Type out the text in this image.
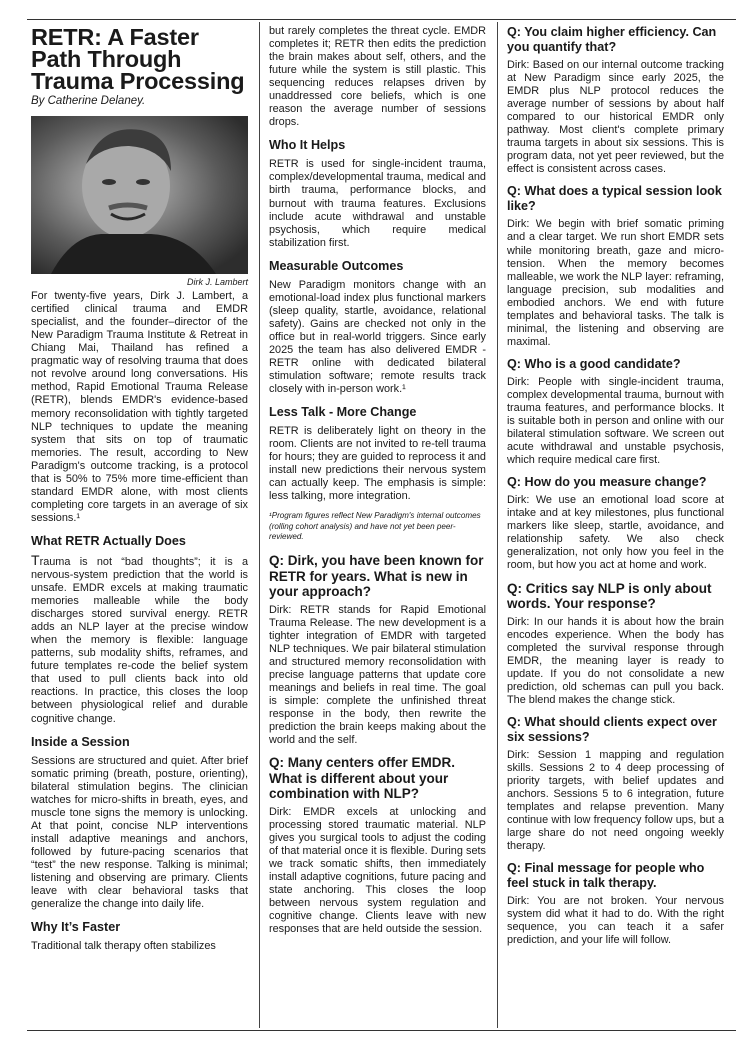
RETR: A Faster Path Through Trauma Processing
By Catherine Delaney.
Dirk J. Lambert

For twenty-five years, Dirk J. Lambert, a certified clinical trauma and EMDR specialist, and the founder–director of the New Paradigm Trauma Institute & Retreat in Chiang Mai, Thailand has refined a pragmatic way of resolving trauma that does not revolve around long conversations. His method, Rapid Emotional Trauma Release (RETR), blends EMDR's evidence-based memory reconsolidation with tightly targeted NLP techniques to update the meaning system that sits on top of traumatic memories. The result, according to New Paradigm's outcome tracking, is a protocol that is 50% to 75% more time-efficient than standard EMDR alone, with most clients completing core targets in an average of six sessions.¹

What RETR Actually Does

Trauma is not “bad thoughts”; it is a nervous-system prediction that the world is unsafe. EMDR excels at making traumatic memories malleable while the body discharges stored survival energy. RETR adds an NLP layer at the precise window when the memory is flexible: language patterns, sub modality shifts, reframes, and future templates re-code the belief system that used to pull clients back into old reactions. In practice, this closes the loop between physiological relief and durable cognitive change.

Inside a Session

Sessions are structured and quiet. After brief somatic priming (breath, posture, orienting), bilateral stimulation begins. The clinician watches for micro-shifts in breath, eyes, and muscle tone signs the memory is unlocking. At that point, concise NLP interventions install adaptive meanings and anchors, followed by future-pacing scenarios that “test” the new response. Talking is minimal; listening and observing are primary. Clients leave with clear behavioral tasks that generalize the change into daily life.

Why It’s Faster

Traditional talk therapy often stabilizes

but rarely completes the threat cycle. EMDR completes it; RETR then edits the prediction the brain makes about self, others, and the future while the system is still plastic. This sequencing reduces relapses driven by unaddressed core beliefs, which is one reason the average number of sessions drops.

Who It Helps

RETR is used for single-incident trauma, complex/developmental trauma, medical and birth trauma, performance blocks, and burnout with trauma features. Exclusions include acute withdrawal and unstable psychosis, which require medical stabilization first.

Measurable Outcomes

New Paradigm monitors change with an emotional-load index plus functional markers (sleep quality, startle, avoidance, relational safety). Gains are checked not only in the office but in real-world triggers. Since early 2025 the team has also delivered EMDR - RETR online with dedicated bilateral stimulation software; remote results track closely with in-person work.¹

Less Talk - More Change

RETR is deliberately light on theory in the room. Clients are not invited to re-tell trauma for hours; they are guided to reprocess it and install new predictions their nervous system can actually keep. The emphasis is simple: less talking, more integration.

¹Program figures reflect New Paradigm's internal outcomes (rolling cohort analysis) and have not yet been peer-reviewed.
Q: Dirk, you have been known for RETR for years. What is new in your approach?

Dirk: RETR stands for Rapid Emotional Trauma Release. The new development is a tighter integration of EMDR with targeted NLP techniques. We pair bilateral stimulation and structured memory reconsolidation with precise language patterns that update core meanings and beliefs in real time. The goal is simple: complete the unfinished threat response in the body, then rewrite the prediction the brain keeps making about the world and the self.

Q: Many centers offer EMDR. What is different about your combination with NLP?

Dirk: EMDR excels at unlocking and processing stored traumatic material. NLP gives you surgical tools to adjust the coding of that material once it is flexible. During sets we track somatic shifts, then immediately install adaptive cognitions, future pacing and state anchoring. This closes the loop between nervous system regulation and cognitive change. Clients leave with new responses that are held outside the session.

Q: You claim higher efficiency. Can you quantify that?

Dirk: Based on our internal outcome tracking at New Paradigm since early 2025, the EMDR plus NLP protocol reduces the average number of sessions by about half compared to our historical EMDR only pathway. Most client's complete primary trauma targets in about six sessions. This is program data, not yet peer reviewed, but the effect is consistent across cases.

Q: What does a typical session look like?

Dirk: We begin with brief somatic priming and a clear target. We run short EMDR sets while monitoring breath, gaze and micro-tension. When the memory becomes malleable, we work the NLP layer: reframing, language precision, sub modalities and embodied anchors. We end with future templates and behavioral tasks. The talk is minimal, the listening and observing are maximal.

Q: Who is a good candidate?

Dirk: People with single-incident trauma, complex developmental trauma, burnout with trauma features, and performance blocks. It is suitable both in person and online with our bilateral stimulation software. We screen out acute withdrawal and unstable psychosis, which require medical care first.

Q: How do you measure change?

Dirk: We use an emotional load score at intake and at key milestones, plus functional markers like sleep, startle, avoidance, and relationship safety. We also check generalization, not only how you feel in the room, but how you act at home and work.

Q: Critics say NLP is only about words. Your response?

Dirk: In our hands it is about how the brain encodes experience. When the body has completed the survival response through EMDR, the meaning layer is ready to update. If you do not consolidate a new prediction, old schemas can pull you back. The blend makes the change stick.

Q: What should clients expect over six sessions?

Dirk: Session 1 mapping and regulation skills. Sessions 2 to 4 deep processing of priority targets, with belief updates and anchors. Sessions 5 to 6 integration, future templates and relapse prevention. Many continue with low frequency follow ups, but a large share do not need ongoing weekly therapy.

Q: Final message for people who feel stuck in talk therapy.

Dirk: You are not broken. Your nervous system did what it had to do. With the right sequence, you can teach it a safer prediction, and your life will follow.
